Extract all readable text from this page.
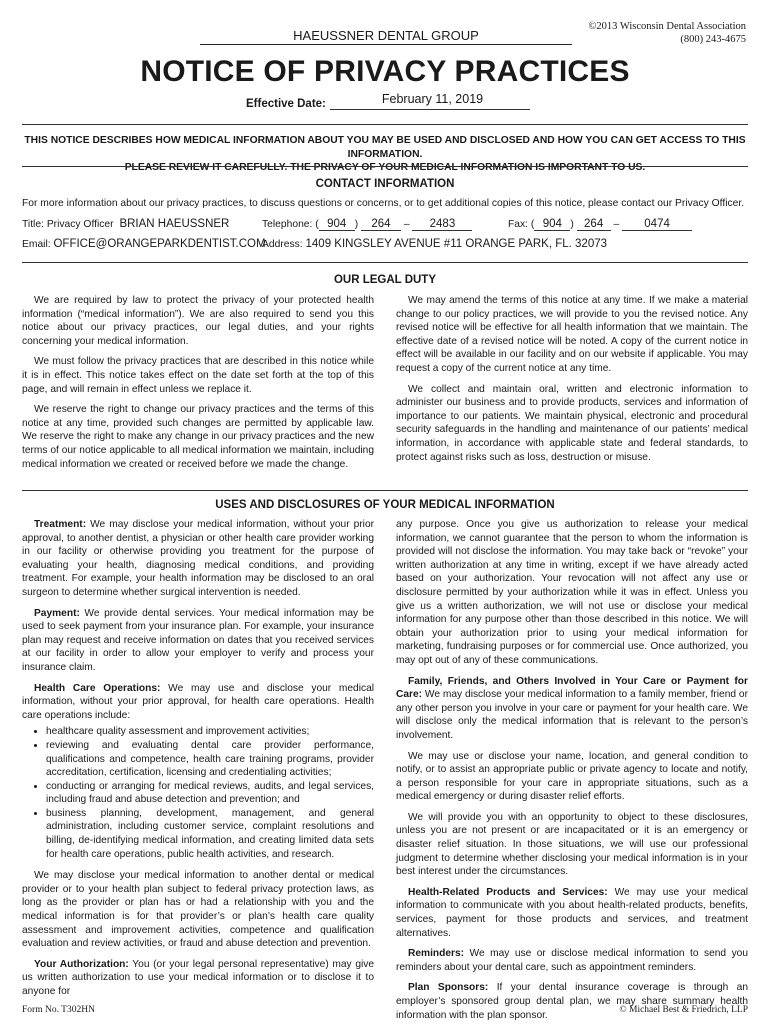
©2013 Wisconsin Dental Association
(800) 243-4675
HAEUSSNER DENTAL GROUP
NOTICE OF PRIVACY PRACTICES
Effective Date:	February 11, 2019
THIS NOTICE DESCRIBES HOW MEDICAL INFORMATION ABOUT YOU MAY BE USED AND DISCLOSED AND HOW YOU CAN GET ACCESS TO THIS INFORMATION.
PLEASE REVIEW IT CAREFULLY. THE PRIVACY OF YOUR MEDICAL INFORMATION IS IMPORTANT TO US.
CONTACT INFORMATION
For more information about our privacy practices, to discuss questions or concerns, or to get additional copies of this notice, please contact our Privacy Officer.
Title: Privacy Officer BRIAN HAEUSSNER	Telephone: ( 904 ) 264 – 2483	Fax: ( 904 ) 264 – 0474
Email: OFFICE@ORANGEPARKDENTIST.COM
Address: 1409 KINGSLEY AVENUE #11 ORANGE PARK, FL. 32073
OUR LEGAL DUTY

We are required by law to protect the privacy of your protected health information (“medical information”). We are also required to send you this notice about our privacy practices, our legal duties, and your rights concerning your medical information.

We must follow the privacy practices that are described in this notice while it is in effect. This notice takes effect on the date set forth at the top of this page, and will remain in effect unless we replace it.

We reserve the right to change our privacy practices and the terms of this notice at any time, provided such changes are permitted by applicable law. We reserve the right to make any change in our privacy practices and the new terms of our notice applicable to all medical information we maintain, including medical information we created or received before we made the change.

We may amend the terms of this notice at any time. If we make a material change to our policy practices, we will provide to you the revised notice. Any revised notice will be effective for all health information that we maintain. The effective date of a revised notice will be noted. A copy of the current notice in effect will be available in our facility and on our website if applicable. You may request a copy of the current notice at any time.

We collect and maintain oral, written and electronic information to administer our business and to provide products, services and information of importance to our patients. We maintain physical, electronic and procedural security safeguards in the handling and maintenance of our patients’ medical information, in accordance with applicable state and federal standards, to protect against risks such as loss, destruction or misuse.

USES AND DISCLOSURES OF YOUR MEDICAL INFORMATION

Treatment: We may disclose your medical information, without your prior approval, to another dentist, a physician or other health care provider working in our facility or otherwise providing you treatment for the purpose of evaluating your health, diagnosing medical conditions, and providing treatment. For example, your health information may be disclosed to an oral surgeon to determine whether surgical intervention is needed.

Payment: We provide dental services. Your medical information may be used to seek payment from your insurance plan. For example, your insurance plan may request and receive information on dates that you received services at our facility in order to allow your employer to verify and process your insurance claim.

Health Care Operations: We may use and disclose your medical information, without your prior approval, for health care operations. Health care operations include:

• healthcare quality assessment and improvement activities;
• reviewing and evaluating dental care provider performance, qualifications and competence, health care training programs, provider accreditation, certification, licensing and credentialing activities;
• conducting or arranging for medical reviews, audits, and legal services, including fraud and abuse detection and prevention; and
• business planning, development, management, and general administration, including customer service, complaint resolutions and billing, de-identifying medical information, and creating limited data sets for health care operations, public health activities, and research.

We may disclose your medical information to another dental or medical provider or to your health plan subject to federal privacy protection laws, as long as the provider or plan has or had a relationship with you and the medical information is for that provider’s or plan’s health care quality assessment and improvement activities, competence and qualification evaluation and review activities, or fraud and abuse detection and prevention.

Your Authorization: You (or your legal personal representative) may give us written authorization to use your medical information or to disclose it to anyone for

any purpose. Once you give us authorization to release your medical information, we cannot guarantee that the person to whom the information is provided will not disclose the information. You may take back or “revoke” your written authorization at any time in writing, except if we have already acted based on your authorization. Your revocation will not affect any use or disclosure permitted by your authorization while it was in effect. Unless you give us a written authorization, we will not use or disclose your medical information for any purpose other than those described in this notice. We will obtain your authorization prior to using your medical information for marketing, fundraising purposes or for commercial use. Once authorized, you may opt out of any of these communications.

Family, Friends, and Others Involved in Your Care or Payment for Care: We may disclose your medical information to a family member, friend or any other person you involve in your care or payment for your health care. We will disclose only the medical information that is relevant to the person’s involvement.

We may use or disclose your name, location, and general condition to notify, or to assist an appropriate public or private agency to locate and notify, a person responsible for your care in appropriate situations, such as a medical emergency or during disaster relief efforts.

We will provide you with an opportunity to object to these disclosures, unless you are not present or are incapacitated or it is an emergency or disaster relief situation. In those situations, we will use our professional judgment to determine whether disclosing your medical information is in your best interest under the circumstances.

Health-Related Products and Services: We may use your medical information to communicate with you about health-related products, benefits, services, payment for those products and services, and treatment alternatives.

Reminders: We may use or disclose medical information to send you reminders about your dental care, such as appointment reminders.

Plan Sponsors: If your dental insurance coverage is through an employer’s sponsored group dental plan, we may share summary health information with the plan sponsor.

Form No. T302HN	© Michael Best & Friedrich, LLP
